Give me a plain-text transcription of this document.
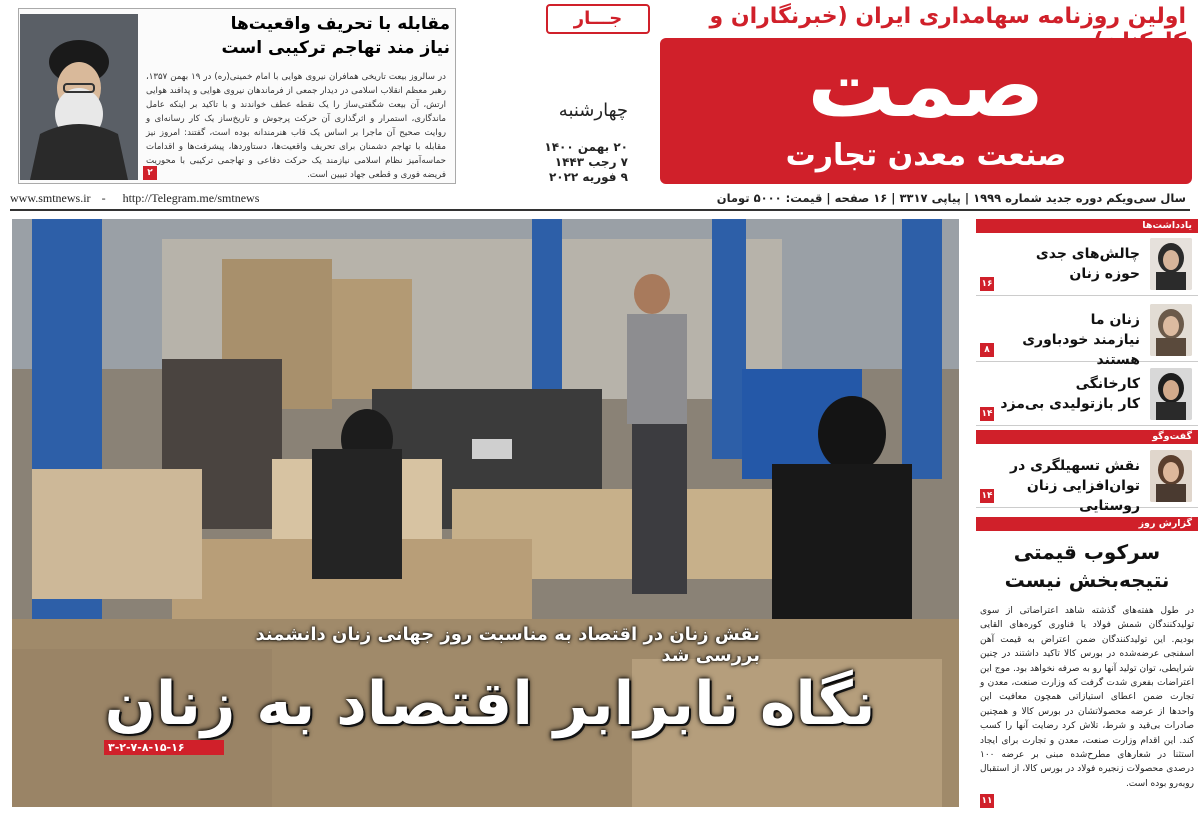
اولین روزنامه سهامداری ایران (خبرنگاران و
جـــار
صمت
صنعت معدن تجارت
چهارشنبه
۲۰ بهمن ۱۴۰۰
۷ رجب ۱۴۴۳
۹ فوریه ۲۰۲۲
مقابله با تحریف واقعیت‌ها
نیاز مند تهاجم ترکیبی است
در سالروز بیعت تاریخی همافران نیروی هوایی با امام خمینی(ره) در ۱۹ بهمن ۱۳۵۷، رهبر معظم انقلاب اسلامی در دیدار جمعی از فرماندهان نیروی هوایی و پدافند هوایی ارتش، آن بیعت شگفتی‌ساز را یک نقطه عطف خواندند و با تاکید بر اینکه عامل ماندگاری، استمرار و اثرگذاری آن حرکت پرجوش و تاریخ‌ساز یک کار رسانه‌ای و روایت صحیح آن ماجرا بر اساس یک قاب هنرمندانه بوده است، گفتند: امروز نیز مقابله با تهاجم دشمنان برای تحریف واقعیت‌ها، دستاوردها، پیشرفت‌ها و اقدامات حماسه‌آمیز نظام اسلامی نیازمند یک حرکت دفاعی و تهاجمی ترکیبی با محوریت فریضه فوری و قطعی جهاد تبیین است.
۲
www.smtnews.ir - http://Telegram.me/smtnews	سال سی‌ویکم دوره جدید شماره ۱۹۹۹ | پیاپی ۳۳۱۷ | ۱۶ صفحه | قیمت: ۵۰۰۰ تومان
عکس: آیدا فریدی
نقش زنان در اقتصاد به مناسبت روز جهانی زنان دانشمند بررسی شد
نگاه نابرابر اقتصاد به زنان
۳-۲-۷-۸-۱۵-۱۶
یادداشت‌ها
چالش‌های جدی
حوزه زنان
۱۶
زنان ما
نیازمند خودباوری هستند
۸
کارخانگی
کار بازتولیدی بی‌مزد
۱۴
گفت‌وگو
نقش تسهیلگری در
توان‌افزایی زنان روستایی
۱۴
گزارش روز
سرکوب قیمتی
نتیجه‌بخش نیست
در طول هفته‌های گذشته شاهد اعتراضاتی از سوی تولیدکنندگان شمش فولاد یا فناوری کوره‌های القایی بودیم. این تولیدکنندگان ضمن اعتراض به قیمت آهن اسفنجی عرضه‌شده در بورس کالا تاکید داشتند در چنین شرایطی، توان تولید آنها رو به صرفه نخواهد بود. موج این اعتراضات بفعری شدت گرفت که وزارت صنعت، معدن و تجارت ضمن اعطای استیازاتی همچون معافیت این واحدها از عرضه محصولاتشان در بورس کالا و همچنین صادرات بی‌قید و شرط، تلاش کرد رضایت آنها را کسب کند. این اقدام وزارت صنعت، معدن و تجارت برای ایجاد استثنا در شعارهای مطرح‌شده مبنی بر عرضه ۱۰۰ درصدی محصولات زنجیره فولاد در بورس کالا، از استقبال روبه‌رو بوده است.
۱۱
